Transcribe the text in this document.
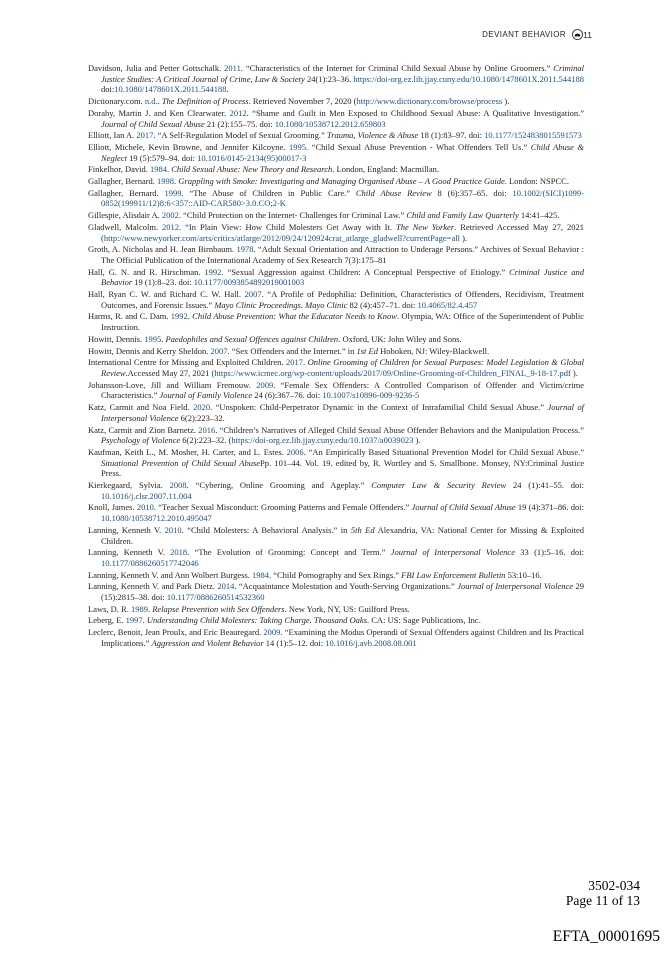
DEVIANT BEHAVIOR 11

Davidson, Julia and Petter Gottschalk. 2011. “Characteristics of the Internet for Criminal Child Sexual Abuse by Online Groomers.” Criminal Justice Studies: A Critical Journal of Crime, Law & Society 24(1):23–36. https://doi-org.ez.lib.jjay.cuny.edu/10.1080/1478601X.2011.544188 doi:10.1080/1478601X.2011.544188.

Dictionary.com. n.d.. The Definition of Process. Retrieved November 7, 2020 (http://www.dictionary.com/browse/process ).

Dorahy, Martin J. and Ken Clearwater. 2012. “Shame and Guilt in Men Exposed to Childhood Sexual Abuse: A Qualitative Investigation.” Journal of Child Sexual Abuse 21 (2):155–75. doi: 10.1080/10538712.2012.659803

Elliott, Ian A. 2017. “A Self-Regulation Model of Sexual Grooming.” Trauma, Violence & Abuse 18 (1):83–97. doi: 10.1177/1524838015591573

Elliott, Michele, Kevin Browne, and Jennifer Kilcoyne. 1995. “Child Sexual Abuse Prevention - What Offenders Tell Us.” Child Abuse & Neglect 19 (5):579–94. doi: 10.1016/0145-2134(95)00017-3

Finkelhor, David. 1984. Child Sexual Abuse: New Theory and Research. London, England: Macmillan.

Gallagher, Bernard. 1998. Grappling with Smoke: Investigating and Managing Organised Abuse – A Good Practice Guide. London: NSPCC.

Gallagher, Bernard. 1999. “The Abuse of Children in Public Care.” Child Abuse Review 8 (6):357–65. doi: 10.1002/(SICI)1099-0852(199911/12)8:6<357::AID-CAR580>3.0.CO;2-K

Gillespie, Alisdair A. 2002. “Child Protection on the Internet- Challenges for Criminal Law.” Child and Family Law Quarterly 14:41–425.

Gladwell, Malcolm. 2012. “In Plain View: How Child Molesters Get Away with It. The New Yorker. Retrieved Accessed May 27, 2021 (http://www.newyorker.com/arts/critics/atlarge/2012/09/24/120924crat_atlarge_gladwell?currentPage=all ).

Groth, A. Nicholas and H. Jean Birnbaum. 1978. “Adult Sexual Orientation and Attraction to Underage Persons.” Archives of Sexual Behavior : The Official Publication of the International Academy of Sex Research 7(3):175–81

Hall, G. N. and R. Hirschman. 1992. “Sexual Aggression against Children: A Conceptual Perspective of Etiology.” Criminal Justice and Behavior 19 (1):8–23. doi: 10.1177/0093854892019001003

Hall, Ryan C. W. and Richard C. W. Hall. 2007. “A Profile of Pedophilia: Definition, Characteristics of Offenders, Recidivism, Treatment Outcomes, and Forensic Issues.” Mayo Clinic Proceedings. Mayo Clinic 82 (4):457–71. doi: 10.4065/82.4.457

Harms, R. and C. Dam. 1992. Child Abuse Prevention: What the Educator Needs to Know. Olympia, WA: Office of the Superintendent of Public Instruction.

Howitt, Dennis. 1995. Paedophiles and Sexual Offences against Children. Oxford, UK: John Wiley and Sons.

Howitt, Dennis and Kerry Sheldon. 2007. “Sex Offenders and the Internet.” in 1st Ed Hoboken, NJ: Wiley-Blackwell.

International Centre for Missing and Exploited Children. 2017. Online Grooming of Children for Sexual Purposes: Model Legislation & Global Review.Accessed May 27, 2021 (https://www.icmec.org/wp-content/uploads/2017/09/Online-Grooming-of-Children_FINAL_9-18-17.pdf ).

Johansson-Love, Jill and William Fremouw. 2009. “Female Sex Offenders: A Controlled Comparison of Offender and Victim/crime Characteristics.” Journal of Family Violence 24 (6):367–76. doi: 10.1007/s10896-009-9236-5

Katz, Carmit and Noa Field. 2020. “Unspoken: Child-Perpetrator Dynamic in the Context of Intrafamilial Child Sexual Abuse.” Journal of Interpersonal Violence 6(2):223–32.

Katz, Carmit and Zion Barnetz. 2016. “Children’s Narratives of Alleged Child Sexual Abuse Offender Behaviors and the Manipulation Process.” Psychology of Violence 6(2):223–32. (https://doi-org.ez.lib.jjay.cuny.edu/10.1037/a0039023 ).

Kaufman, Keith L., M. Mosher, H. Carter, and L. Estes. 2006. “An Empirically Based Situational Prevention Model for Child Sexual Abuse.” Situational Prevention of Child Sexual AbusePp. 101–44. Vol. 19. edited by, R. Wortley and S. Smallbone. Monsey, NY:Criminal Justice Press.

Kierkegaard, Sylvia. 2008. “Cybering, Online Grooming and Ageplay.” Computer Law & Security Review 24 (1):41–55. doi: 10.1016/j.clsr.2007.11.004

Knoll, James. 2010. “Teacher Sexual Misconduct: Grooming Patterns and Female Offenders.” Journal of Child Sexual Abuse 19 (4):371–86. doi: 10.1080/10538712.2010.495047

Lanning, Kenneth V. 2010. “Child Molesters: A Behavioral Analysis.” in 5th Ed Alexandria, VA: National Center for Missing & Exploited Children.

Lanning, Kenneth V. 2018. “The Evolution of Grooming: Concept and Term.” Journal of Interpersonal Violence 33 (1):5–16. doi: 10.1177/0886260517742046

Lanning, Kenneth V. and Ann Wolbert Burgess. 1984. “Child Pornography and Sex Rings.” FBI Law Enforcement Bulletin 53:10–16.

Lanning, Kenneth V. and Park Dietz. 2014. “Acquaintance Molestation and Youth-Serving Organizations.” Journal of Interpersonal Violence 29 (15):2815–38. doi: 10.1177/0886260514532360

Laws, D. R. 1989. Relapse Prevention with Sex Offenders. New York, NY, US: Guilford Press.

Leberg, E. 1997. Understanding Child Molesters: Taking Charge. Thousand Oaks. CA: US: Sage Publications, Inc.

Leclerc, Benoit, Jean Proulx, and Eric Beauregard. 2009. “Examining the Modus Operandi of Sexual Offenders against Children and Its Practical Implications.” Aggression and Violent Behavior 14 (1):5–12. doi: 10.1016/j.avb.2008.08.001

3502-034
Page 11 of 13
EFTA_00001695
